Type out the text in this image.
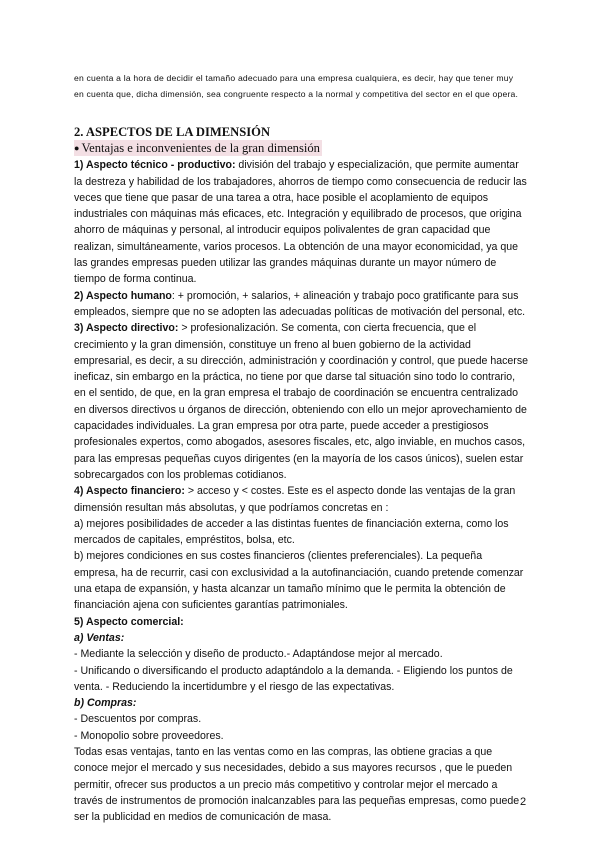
en cuenta a la hora de decidir el tamaño adecuado para una empresa cualquiera, es decir, hay que tener muy en cuenta que, dicha dimensión, sea congruente respecto a la normal y competitiva del sector en el que opera.

2. ASPECTOS DE LA DIMENSIÓN

● Ventajas e inconvenientes de la gran dimensión

1) Aspecto técnico - productivo: división del trabajo y especialización, que permite aumentar la destreza y habilidad de los trabajadores, ahorros de tiempo como consecuencia de reducir las veces que tiene que pasar de una tarea a otra, hace posible el acoplamiento de equipos industriales con máquinas más eficaces, etc. Integración y equilibrado de procesos, que origina ahorro de máquinas y personal, al introducir equipos polivalentes de gran capacidad que realizan, simultáneamente, varios procesos. La obtención de una mayor economicidad, ya que las grandes empresas pueden utilizar las grandes máquinas durante un mayor número de tiempo de forma continua.

2) Aspecto humano: + promoción, + salarios, + alineación y trabajo poco gratificante para sus empleados, siempre que no se adopten las adecuadas políticas de motivación del personal, etc.

3) Aspecto directivo: > profesionalización. Se comenta, con cierta frecuencia, que el crecimiento y la gran dimensión, constituye un freno al buen gobierno de la actividad empresarial, es decir, a su dirección, administración y coordinación y control, que puede hacerse ineficaz, sin embargo en la práctica, no tiene por que darse tal situación sino todo lo contrario, en el sentido, de que, en la gran empresa el trabajo de coordinación se encuentra centralizado en diversos directivos u órganos de dirección, obteniendo con ello un mejor aprovechamiento de capacidades individuales. La gran empresa por otra parte, puede acceder a prestigiosos profesionales expertos, como abogados, asesores fiscales, etc, algo inviable, en muchos casos, para las empresas pequeñas cuyos dirigentes (en la mayoría de los casos únicos), suelen estar sobrecargados con los problemas cotidianos.

4) Aspecto financiero: > acceso y < costes. Este es el aspecto donde las ventajas de la gran dimensión resultan más absolutas, y que podríamos concretas en :

a) mejores posibilidades de acceder a las distintas fuentes de financiación externa, como los mercados de capitales, empréstitos, bolsa, etc.

b) mejores condiciones en sus costes financieros (clientes preferenciales). La pequeña empresa, ha de recurrir, casi con exclusividad a la autofinanciación, cuando pretende comenzar una etapa de expansión, y hasta alcanzar un tamaño mínimo que le permita la obtención de financiación ajena con suficientes garantías patrimoniales.

5) Aspecto comercial:

a) Ventas:

- Mediante la selección y diseño de producto.- Adaptándose mejor al mercado.

- Unificando o diversificando el producto adaptándolo a la demanda. - Eligiendo los puntos de venta. - Reduciendo la incertidumbre y el riesgo de las expectativas.

b) Compras:

- Descuentos por compras.

- Monopolio sobre proveedores.

Todas esas ventajas, tanto en las ventas como en las compras, las obtiene gracias a que conoce mejor el mercado y sus necesidades, debido a sus mayores recursos , que le pueden permitir, ofrecer sus productos a un precio más competitivo y controlar mejor el mercado a través de instrumentos de promoción inalcanzables para las pequeñas empresas, como puede ser la publicidad en medios de comunicación de masa.

2
